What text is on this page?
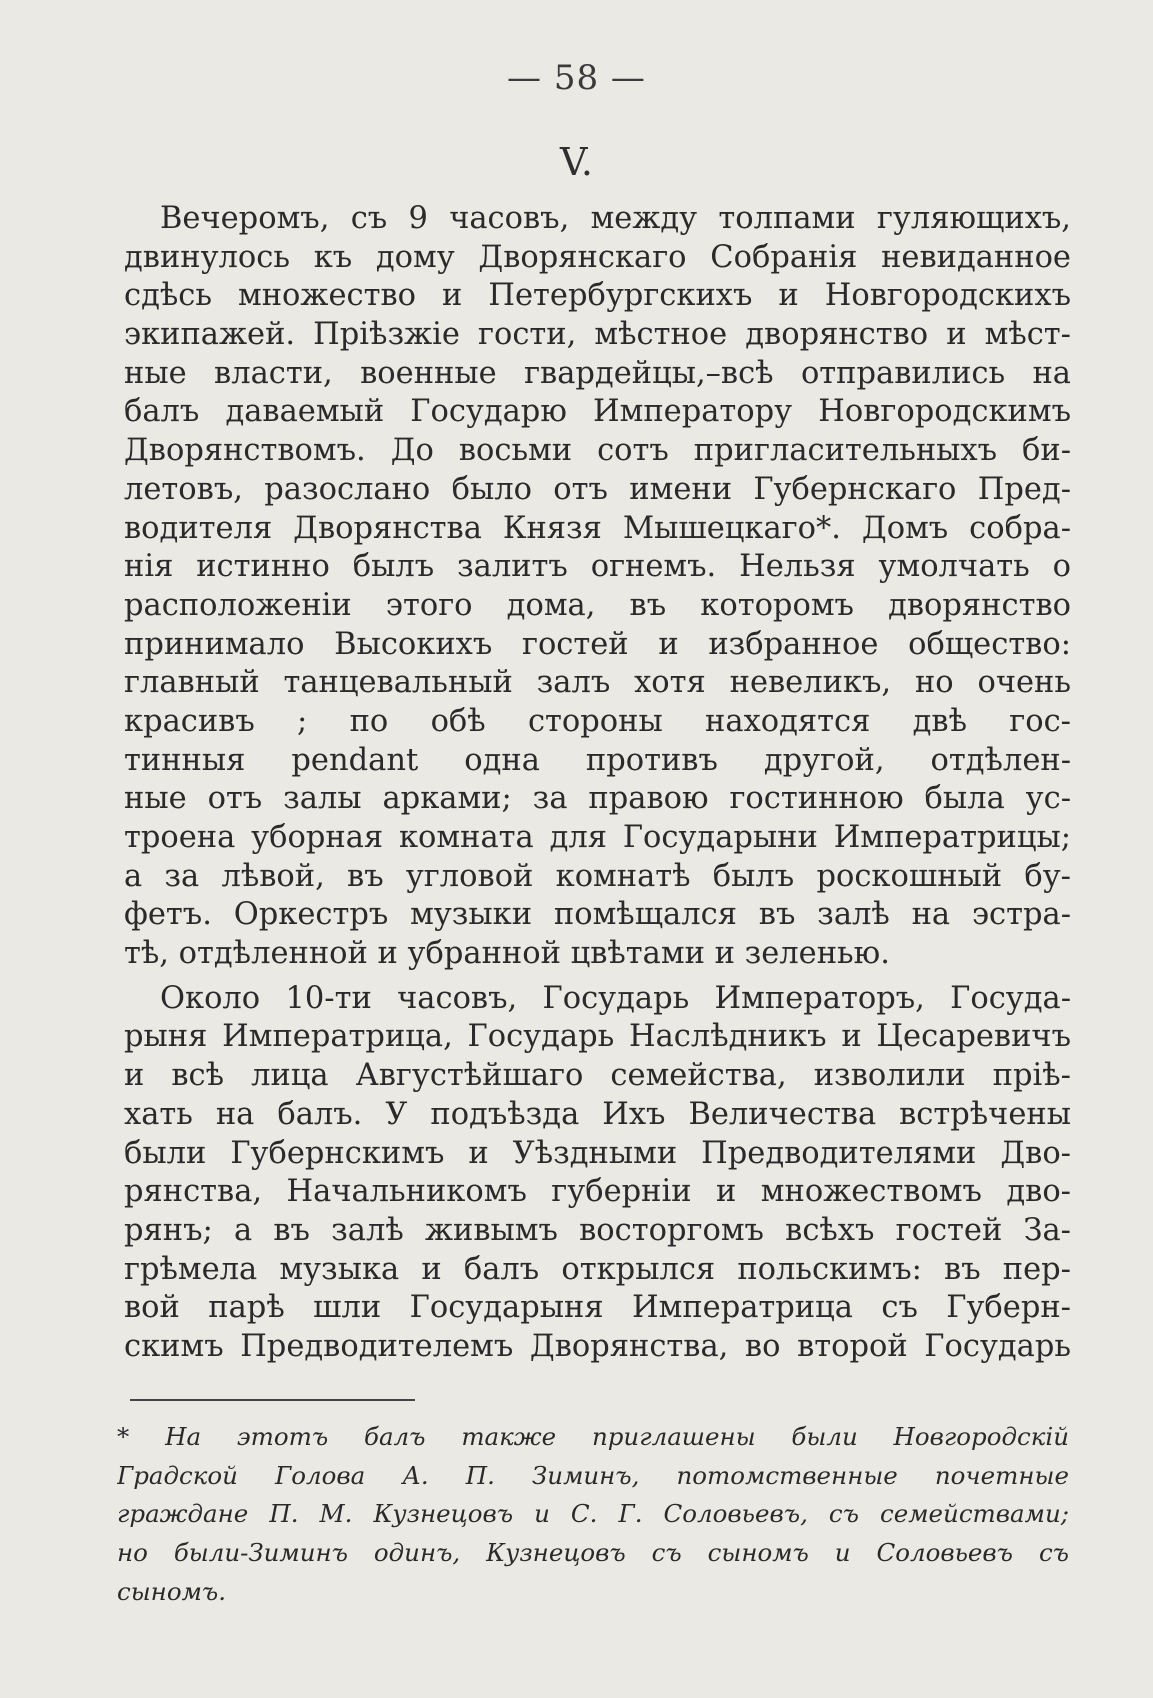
— 58 —
V.
Вечеромъ, съ 9 часовъ, между толпами гуляющихъ,
двинулось къ дому Дворянскаго Собранія невиданное
сдѣсь множество и Петербургскихъ и Новгородскихъ
экипажей. Пріѣзжіе гости, мѣстное дворянство и мѣст-
ныe власти, военные гвардейцы,–всѣ отправились на
балъ даваемый Государю Императору Новгородскимъ
Дворянствомъ. До восьми сотъ пригласительныхъ би-
летовъ, разослано было отъ имени Губернскаго Пред-
водителя Дворянства Князя Мышецкаго*. Домъ собра-
нія истинно былъ залитъ огнемъ. Нельзя умолчать о
расположеніи этого дома, въ которомъ дворянство
принимало Высокихъ гостей и избранное общество:
главный танцевальный залъ хотя невеликъ, но очень
красивъ ; по обѣ стороны находятся двѣ гос-
тинныя pendant одна противъ другой, отдѣлен-
ные отъ залы арками; за правою гостинною была ус-
троена уборная комната для Государыни Императрицы;
а за лѣвой, въ угловой комнатѣ былъ роскошный бу-
фетъ. Оркестръ музыки помѣщался въ залѣ на эстра-
тѣ, отдѣленной и убранной цвѣтами и зеленью.
Около 10-ти часовъ, Государь Императоръ, Госуда-
рыня Императрица, Государь Наслѣдникъ и Цесаревичъ
и всѣ лица Августѣйшаго семейства, изволили пріѣ-
хать на балъ. У подъѣзда Ихъ Величества встрѣчены
были Губернскимъ и Уѣздными Предводителями Дво-
рянства, Начальникомъ губерніи и множествомъ дво-
рянъ; а въ залѣ живымъ восторгомъ всѣхъ гостей За-
грѣмела музыка и балъ открылся польскимъ: въ пер-
вой парѣ шли Государыня Императрица съ Губерн-
скимъ Предводителемъ Дворянства, во второй Государь
* На этотъ балъ также приглашены были Новгородскій
Градской Голова А. П. Зиминъ, потомственные почетные
граждане П. М. Кузнецовъ и С. Г. Соловьевъ, съ семействами;
но были-Зиминъ одинъ, Кузнецовъ съ сыномъ и Соловьевъ съ
сыномъ.
